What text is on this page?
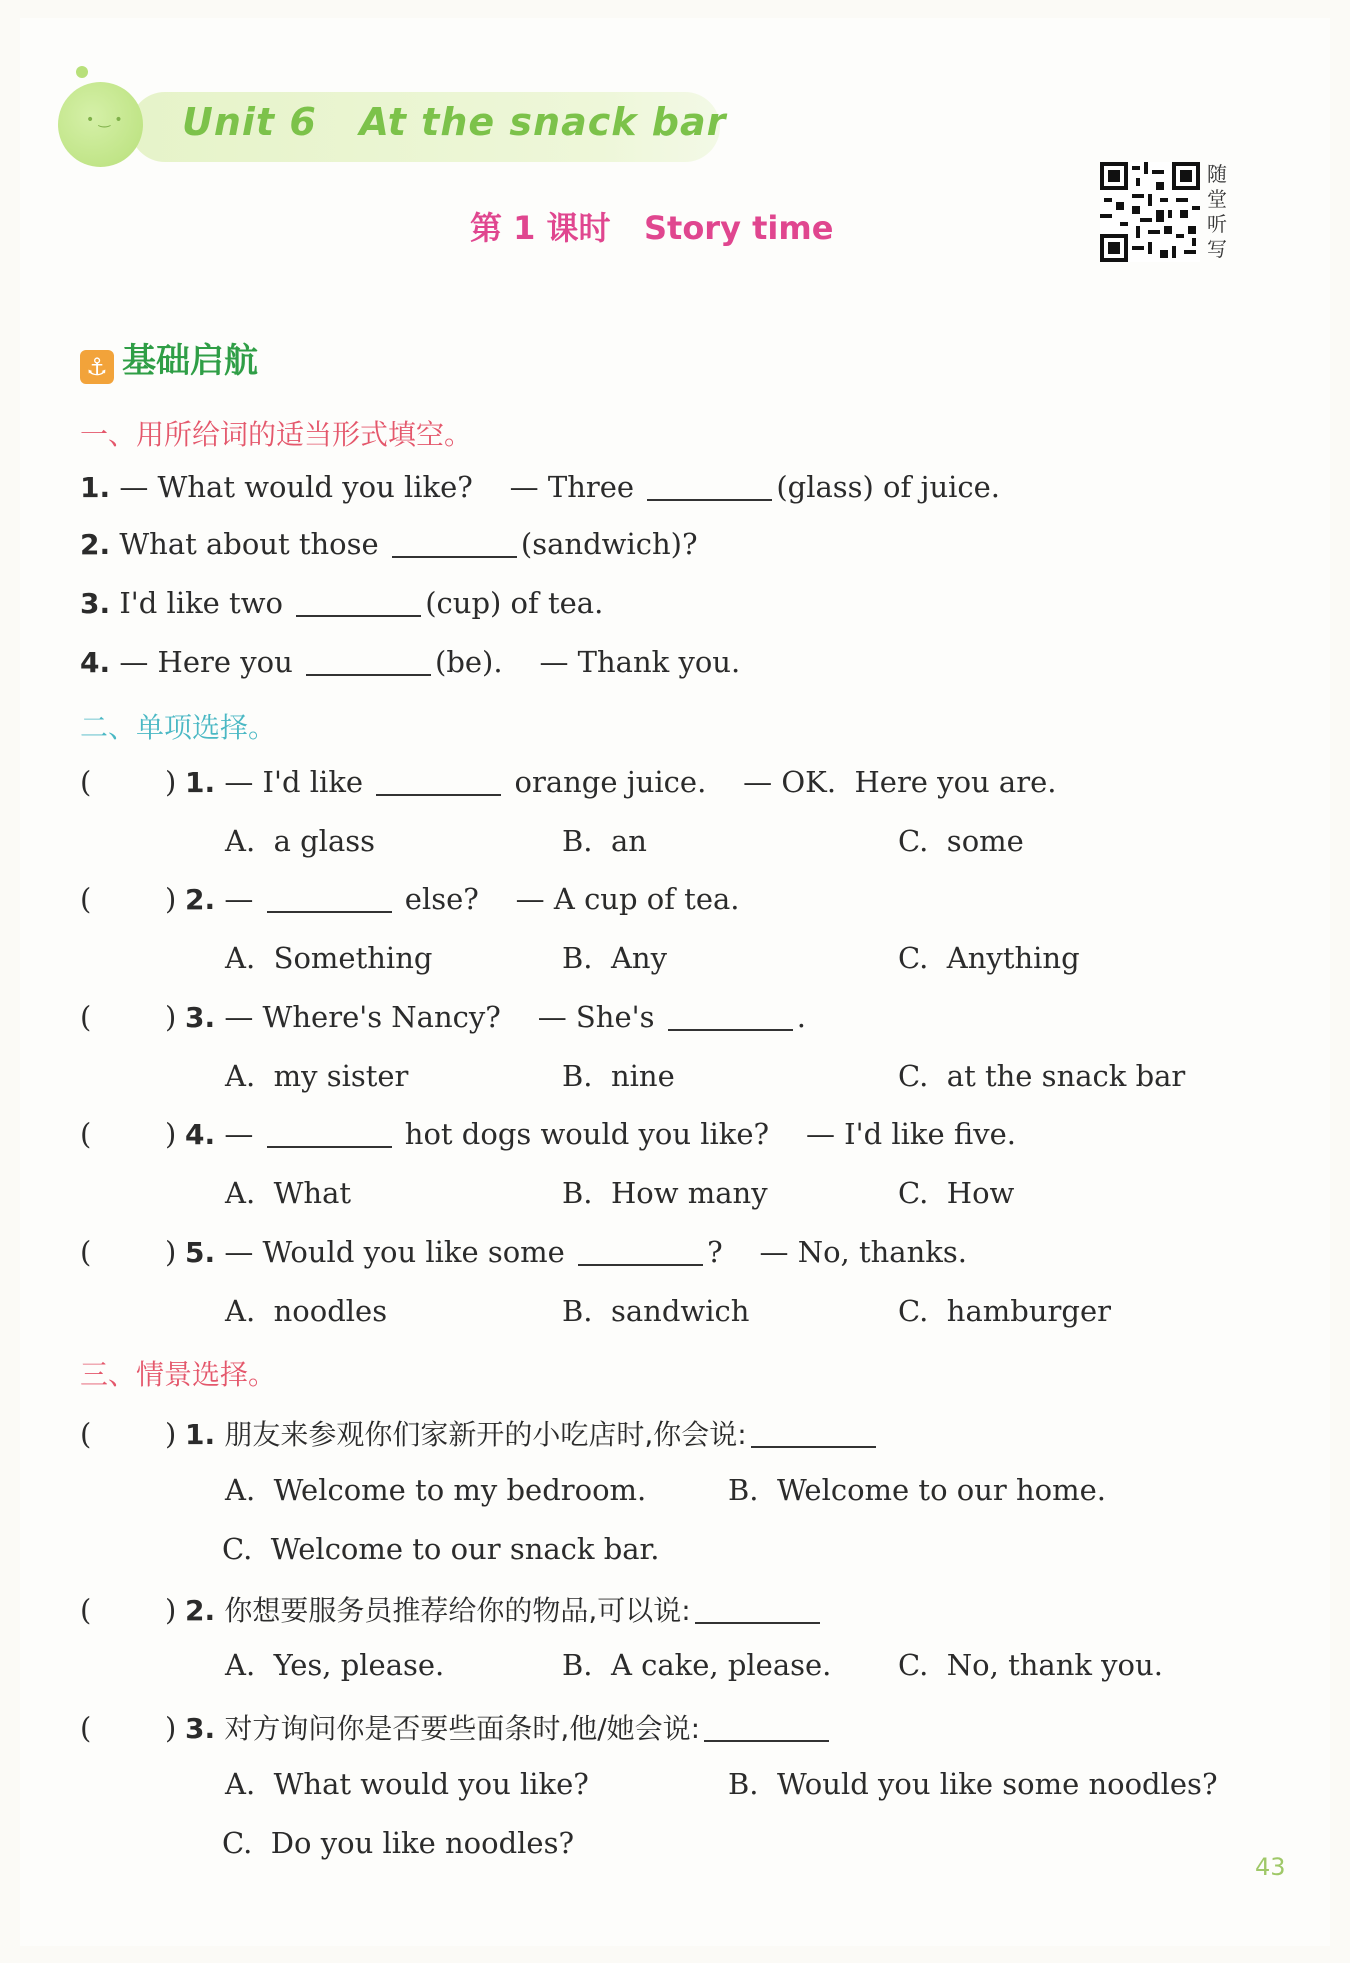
• ‿ • Unit 6   At the snack bar
第 1 课时   Story time
随堂听写
⚓ 基础启航
一、用所给词的适当形式填空。
1. — What would you like?    — Three	(glass) of juice.
2. What about those	(sandwich)?
3. I'd like two	(cup) of tea.
4. — Here you	(be).    — Thank you.
二、单项选择。
(        ) 1. — I'd like	orange juice.    — OK.  Here you are.
A.  a glass	B.  an	C.  some
(        ) 2. —	else?    — A cup of tea.
A.  Something	B.  Any	C.  Anything
(        ) 3. — Where's Nancy?    — She's	.
A.  my sister	B.  nine	C.  at the snack bar
(        ) 4. —	hot dogs would you like?    — I'd like five.
A.  What	B.  How many	C.  How
(        ) 5. — Would you like some	?    — No, thanks.
A.  noodles	B.  sandwich	C.  hamburger
三、情景选择。
(        ) 1. 朋友来参观你们家新开的小吃店时,你会说:
A.  Welcome to my bedroom.	B.  Welcome to our home.
C.  Welcome to our snack bar.
(        ) 2. 你想要服务员推荐给你的物品,可以说:
A.  Yes, please.	B.  A cake, please. C.  No, thank you.
(        ) 3. 对方询问你是否要些面条时,他/她会说:
A.  What would you like?	B.  Would you like some noodles?
C.  Do you like noodles?
43
